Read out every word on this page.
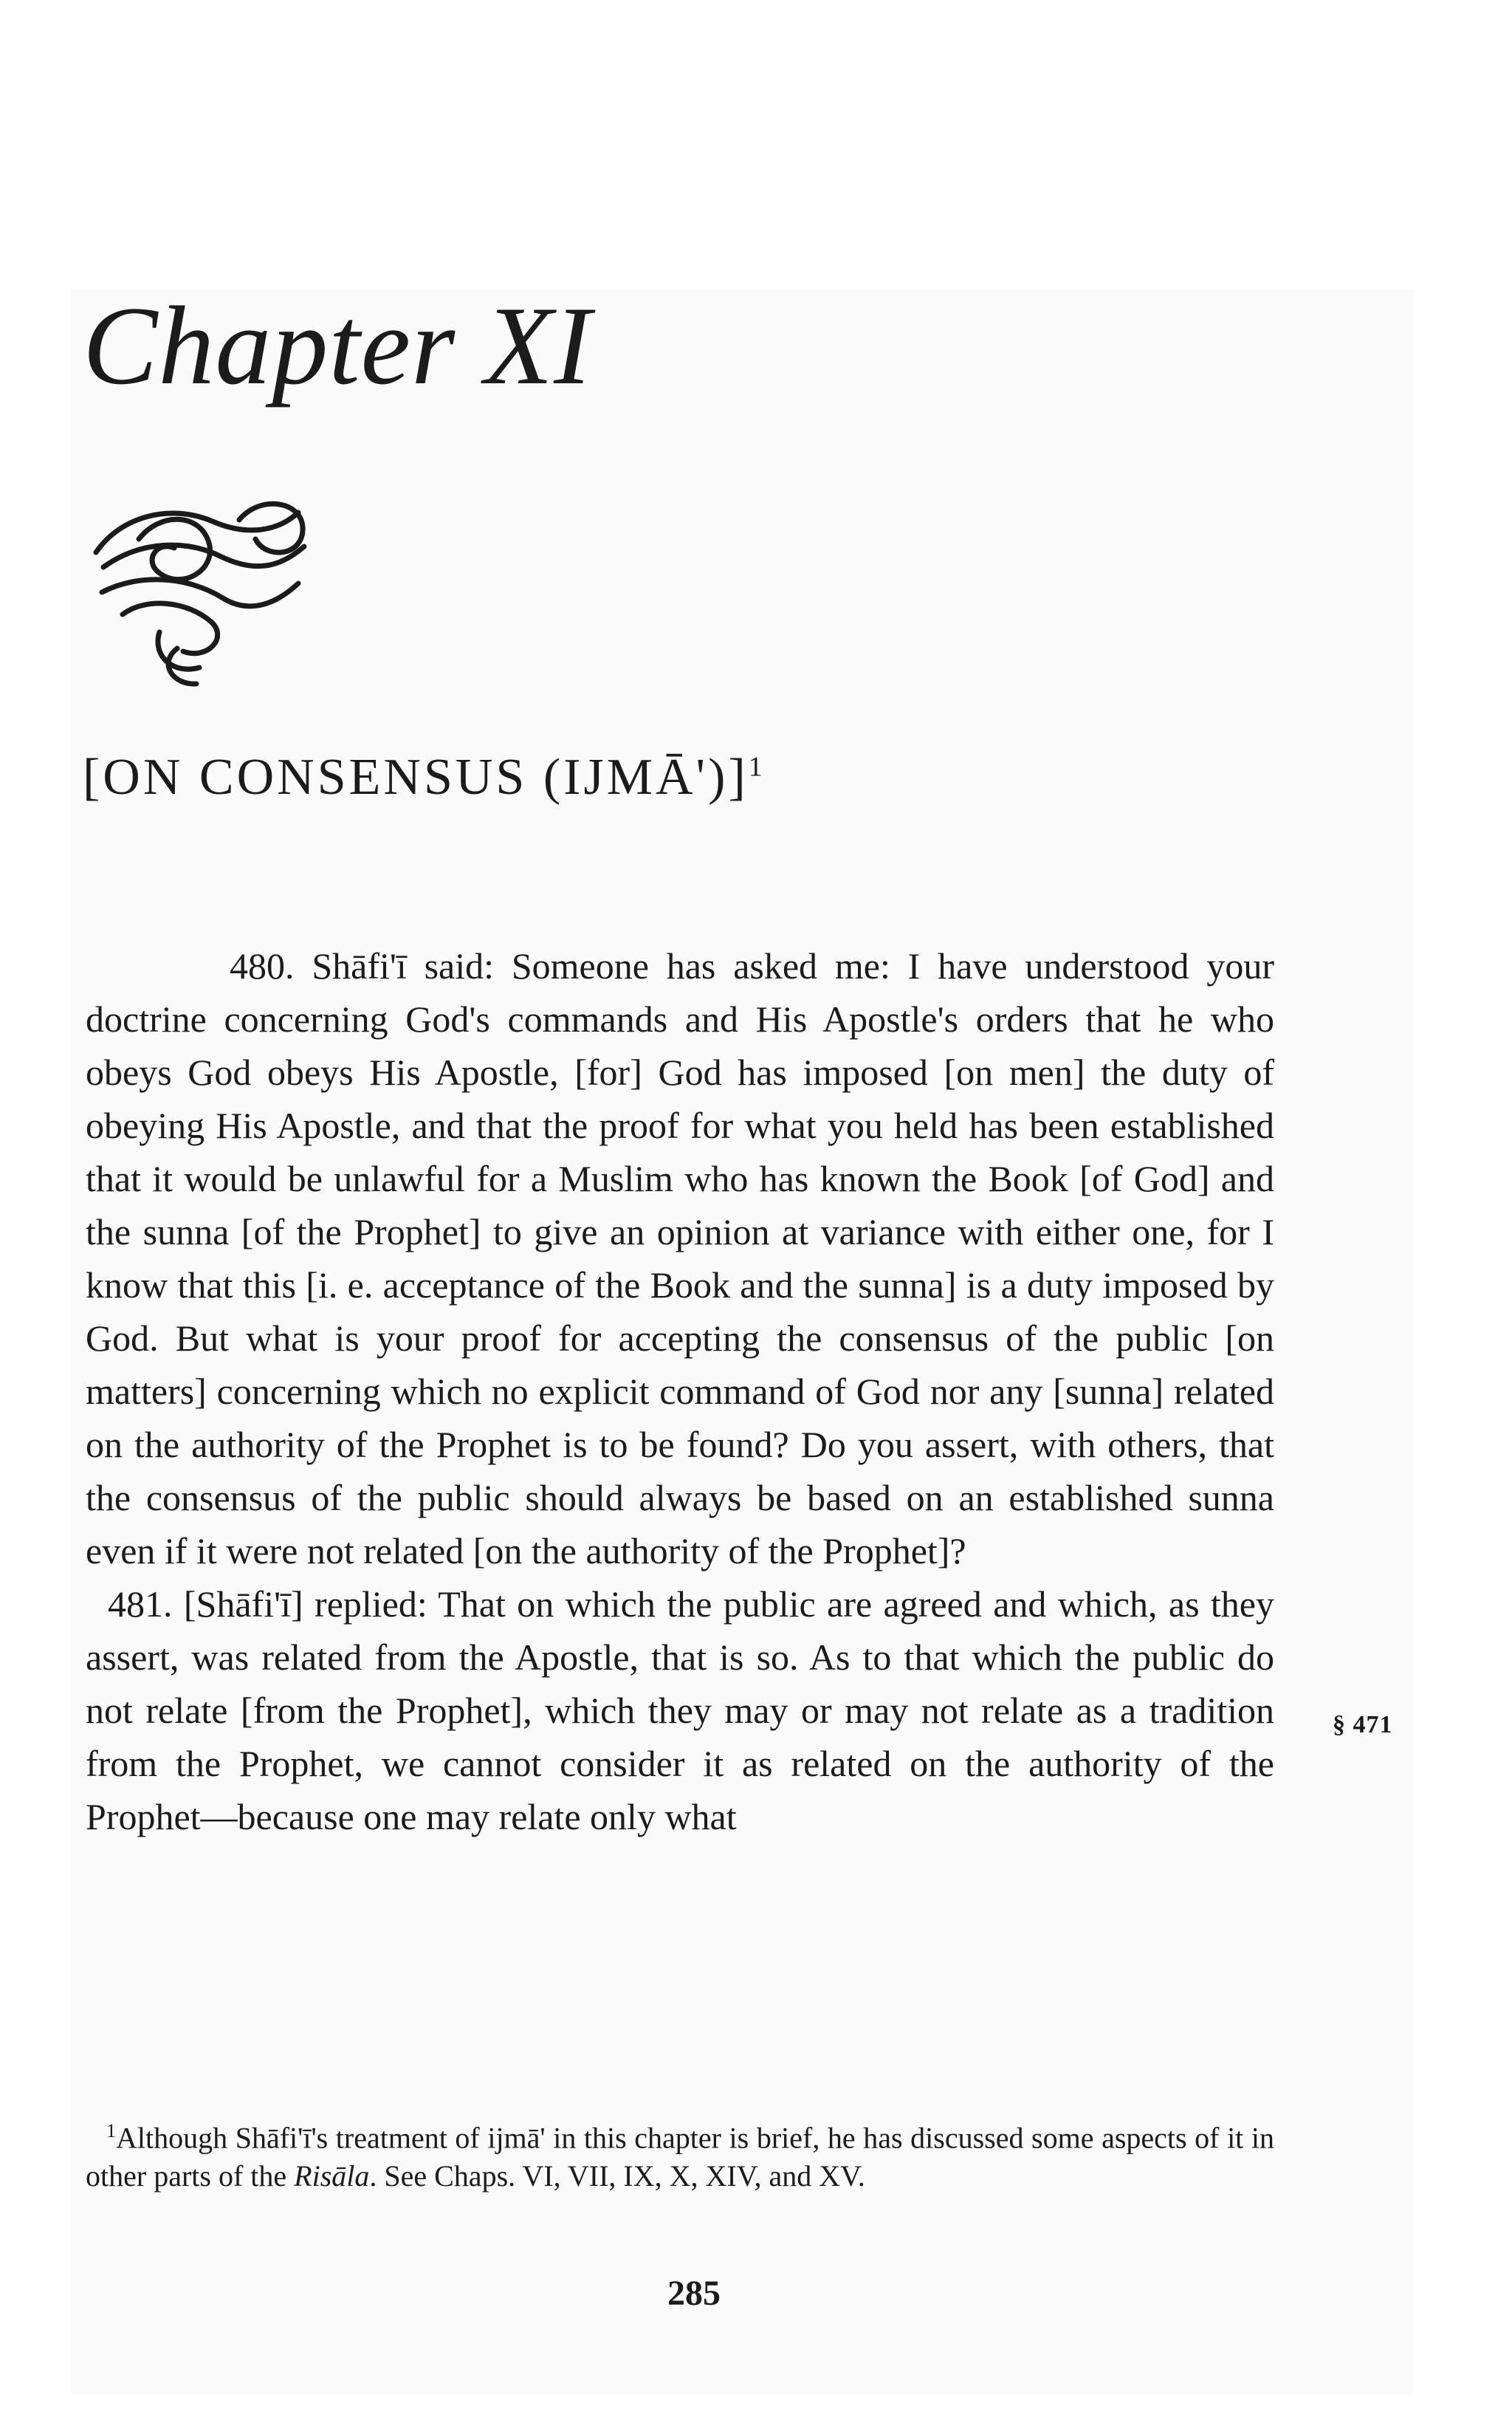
Chapter XI
[ON CONSENSUS (IJMĀ')]$^1$

480. Shāfi'ī said: Someone has asked me: I have understood your doctrine concerning God's commands and His Apostle's orders that he who obeys God obeys His Apostle, [for] God has imposed [on men] the duty of obeying His Apostle, and that the proof for what you held has been established that it would be unlawful for a Muslim who has known the Book [of God] and the sunna [of the Prophet] to give an opinion at variance with either one, for I know that this [i. e. acceptance of the Book and the sunna] is a duty imposed by God. But what is your proof for accepting the consensus of the public [on matters] concerning which no explicit command of God nor any [sunna] related on the authority of the Prophet is to be found? Do you assert, with others, that the consensus of the public should always be based on an established sunna even if it were not related [on the authority of the Prophet]?

481. [Shāfi'ī] replied: That on which the public are agreed and which, as they assert, was related from the Apostle, that is so. As to that which the public do not relate [from the Prophet], which they may or may not relate as a tradition from the Prophet, we cannot consider it as related on the authority of the Prophet—because one may relate only what

§ 471

$^1$Although Shāfi'ī's treatment of ijmā' in this chapter is brief, he has discussed some aspects of it in other parts of the Risāla. See Chaps. VI, VII, IX, X, XIV, and XV.

285
